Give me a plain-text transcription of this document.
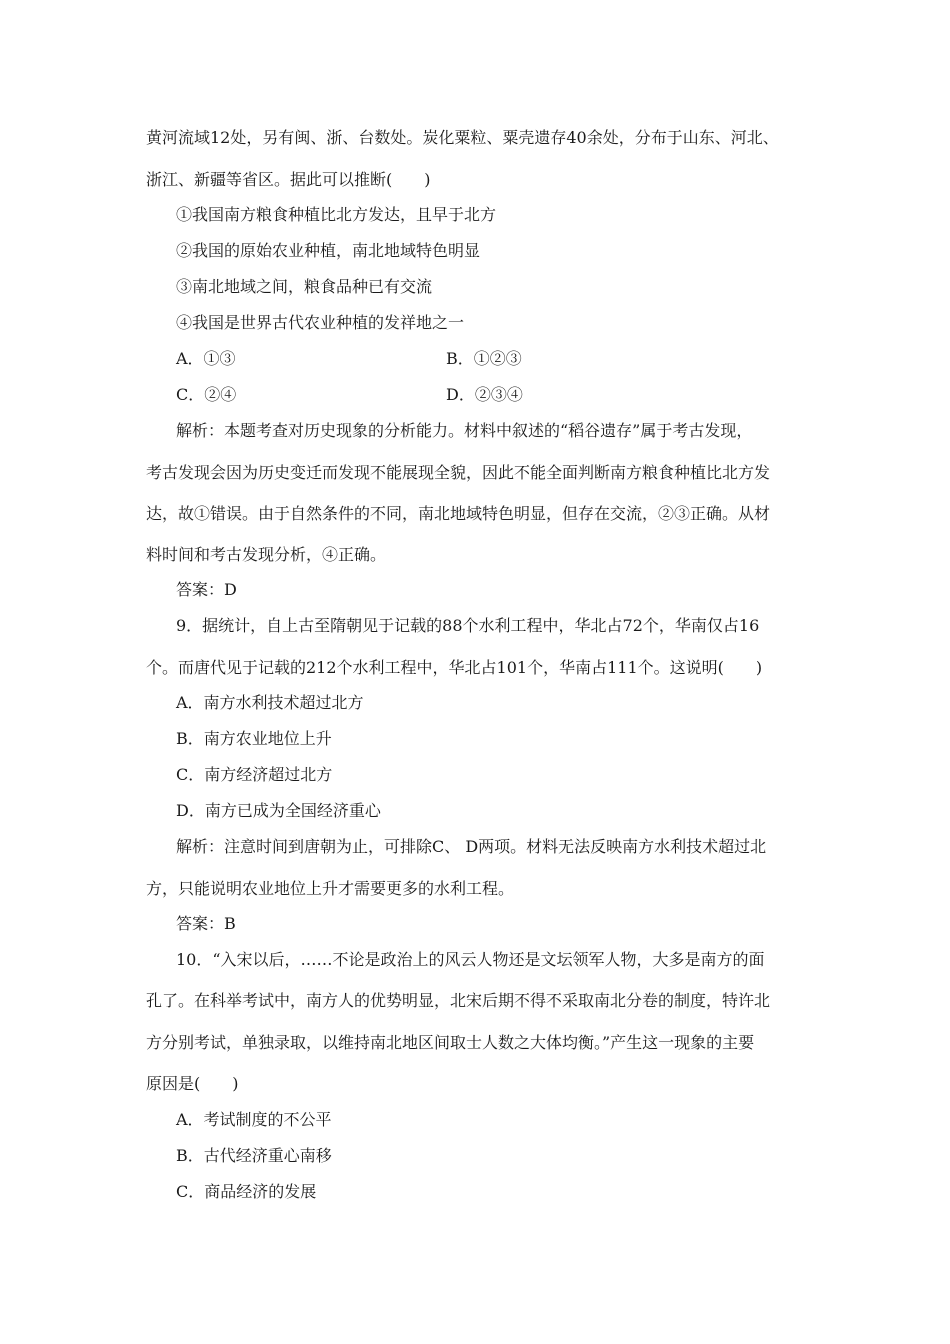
黄河流域12处，另有闽、浙、台数处。炭化粟粒、粟壳遗存40余处，分布于山东、河北、
浙江、新疆等省区。据此可以推断(　　)
①我国南方粮食种植比北方发达，且早于北方
②我国的原始农业种植，南北地域特色明显
③南北地域之间，粮食品种已有交流
④我国是世界古代农业种植的发祥地之一
A．①③	B．①②③
C．②④	D．②③④
解析：本题考查对历史现象的分析能力。材料中叙述的“稻谷遗存”属于考古发现，
考古发现会因为历史变迁而发现不能展现全貌，因此不能全面判断南方粮食种植比北方发
达，故①错误。由于自然条件的不同，南北地域特色明显，但存在交流，②③正确。从材
料时间和考古发现分析，④正确。
答案：D
9．据统计，自上古至隋朝见于记载的88个水利工程中，华北占72个，华南仅占16
个。而唐代见于记载的212个水利工程中，华北占101个，华南占111个。这说明(　　)
A．南方水利技术超过北方
B．南方农业地位上升
C．南方经济超过北方
D．南方已成为全国经济重心
解析：注意时间到唐朝为止，可排除C、 D两项。材料无法反映南方水利技术超过北
方，只能说明农业地位上升才需要更多的水利工程。
答案：B
10．“入宋以后，……不论是政治上的风云人物还是文坛领军人物，大多是南方的面
孔了。在科举考试中，南方人的优势明显，北宋后期不得不采取南北分卷的制度，特许北
方分别考试，单独录取，以维持南北地区间取士人数之大体均衡。”产生这一现象的主要
原因是(　　)
A．考试制度的不公平
B．古代经济重心南移
C．商品经济的发展
